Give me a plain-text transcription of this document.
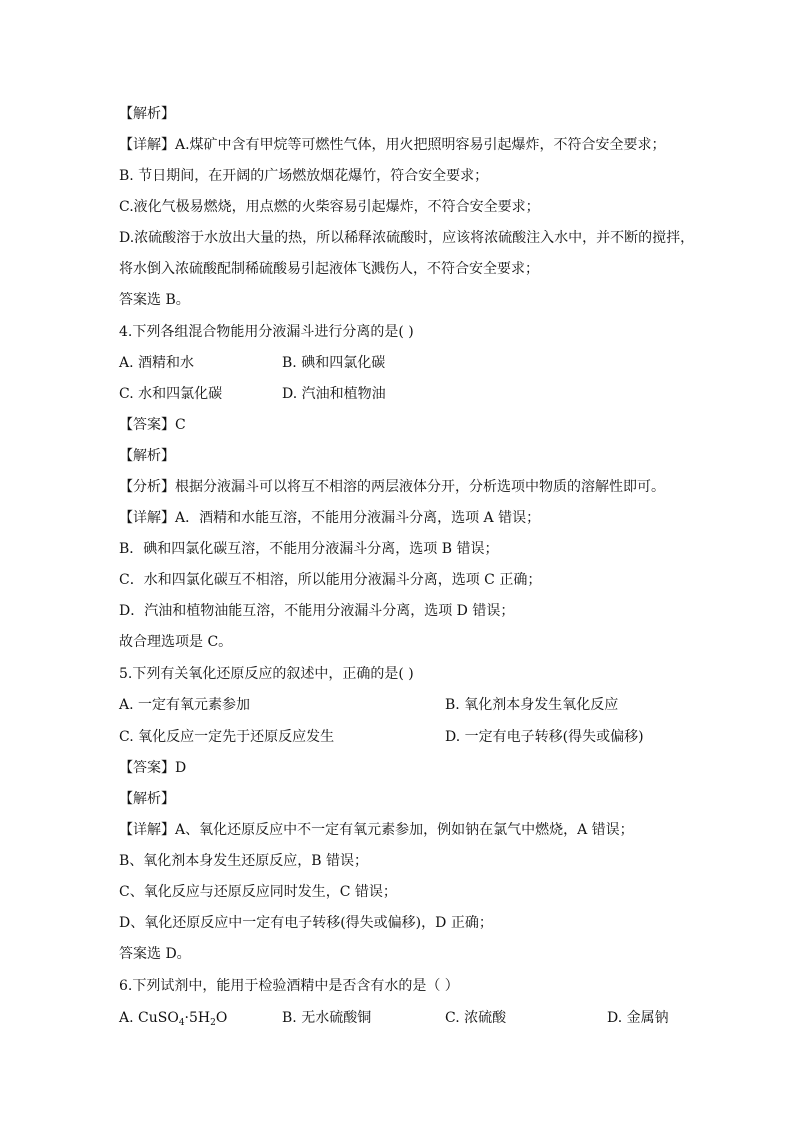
【解析】
【详解】A.煤矿中含有甲烷等可燃性气体，用火把照明容易引起爆炸，不符合安全要求；
B. 节日期间，在开阔的广场燃放烟花爆竹，符合安全要求；
C.液化气极易燃烧，用点燃的火柴容易引起爆炸，不符合安全要求；
D.浓硫酸溶于水放出大量的热，所以稀释浓硫酸时，应该将浓硫酸注入水中，并不断的搅拌，
将水倒入浓硫酸配制稀硫酸易引起液体飞溅伤人，不符合安全要求；
答案选 B。
4.下列各组混合物能用分液漏斗进行分离的是( )
A. 酒精和水	B. 碘和四氯化碳
C. 水和四氯化碳	D. 汽油和植物油
【答案】C
【解析】
【分析】根据分液漏斗可以将互不相溶的两层液体分开，分析选项中物质的溶解性即可。
【详解】A．酒精和水能互溶，不能用分液漏斗分离，选项 A 错误；
B．碘和四氯化碳互溶，不能用分液漏斗分离，选项 B 错误；
C．水和四氯化碳互不相溶，所以能用分液漏斗分离，选项 C 正确；
D．汽油和植物油能互溶，不能用分液漏斗分离，选项 D 错误；
故合理选项是 C。
5.下列有关氧化还原反应的叙述中，正确的是( )
A. 一定有氧元素参加	B. 氧化剂本身发生氧化反应
C. 氧化反应一定先于还原反应发生	D. 一定有电子转移(得失或偏移)
【答案】D
【解析】
【详解】A、氧化还原反应中不一定有氧元素参加，例如钠在氯气中燃烧，A 错误；
B、氧化剂本身发生还原反应，B 错误；
C、氧化反应与还原反应同时发生，C 错误；
D、氧化还原反应中一定有电子转移(得失或偏移)，D 正确；
答案选 D。
6.下列试剂中，能用于检验酒精中是否含有水的是（ ）
A. $CuSO_4\cdot 5H_2O$	B. 无水硫酸铜	C. 浓硫酸	D. 金属钠
